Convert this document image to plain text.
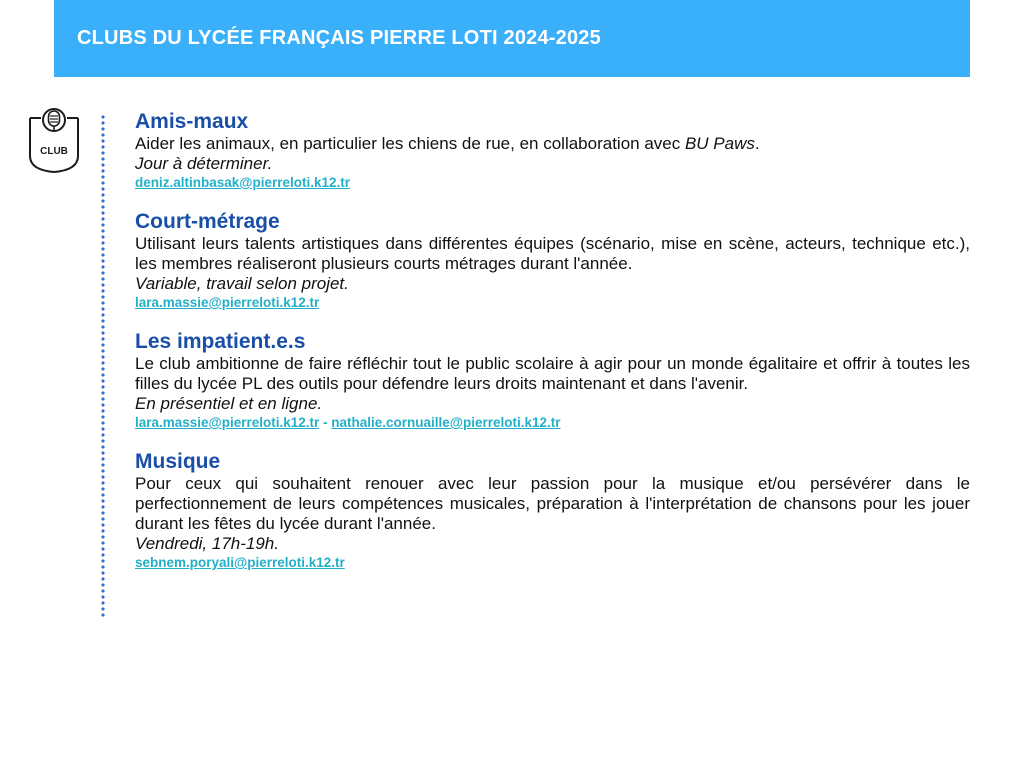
CLUBS DU LYCÉE FRANÇAIS PIERRE LOTI 2024-2025
CLUB
Amis-maux

Aider les animaux, en particulier les chiens de rue, en collaboration avec BU Paws.

Jour à déterminer.
deniz.altinbasak@pierreloti.k12.tr
Court-métrage

Utilisant leurs talents artistiques dans différentes équipes (scénario, mise en scène, acteurs, technique etc.), les membres réaliseront plusieurs courts métrages durant l'année.

Variable, travail selon projet.
lara.massie@pierreloti.k12.tr
Les impatient.e.s

Le club ambitionne de faire réfléchir tout le public scolaire à agir pour un monde égalitaire et offrir à toutes les filles du lycée PL des outils pour défendre leurs droits maintenant et dans l'avenir.

En présentiel et en ligne.
lara.massie@pierreloti.k12.tr - nathalie.cornuaille@pierreloti.k12.tr
Musique

Pour ceux qui souhaitent renouer avec leur passion pour la musique et/ou persévérer dans le perfectionnement de leurs compétences musicales, préparation à l'interprétation de chansons pour les jouer durant les fêtes du lycée durant l'année.

Vendredi, 17h-19h.
sebnem.poryali@pierreloti.k12.tr
